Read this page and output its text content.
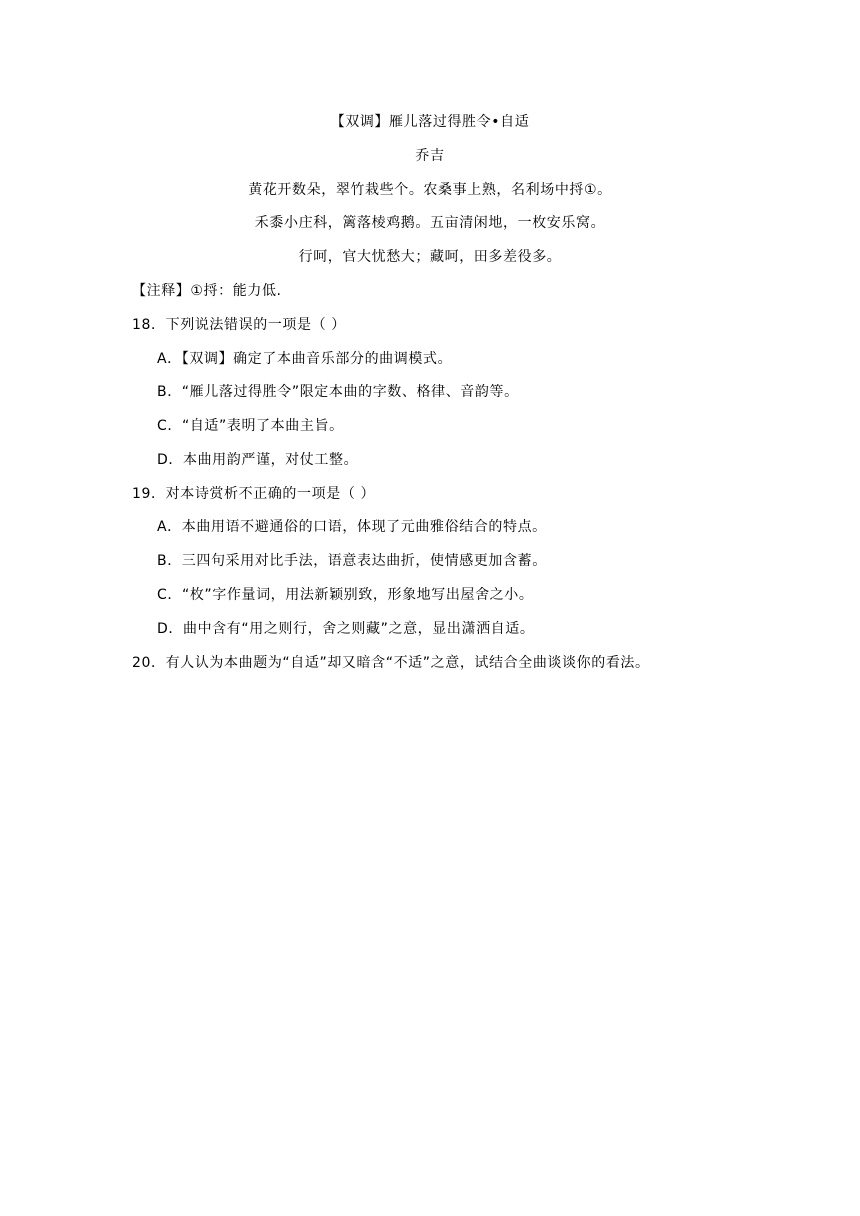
【双调】雁儿落过得胜令•自适
乔吉
黄花开数朵，翠竹栽些个。农桑事上熟，名利场中捋①。
禾黍小庄科，篱落棱鸡鹅。五亩清闲地，一枚安乐窝。
行呵，官大忧愁大；藏呵，田多差役多。
【注释】①捋：能力低.
18．下列说法错误的一项是（ ）
A．【双调】确定了本曲音乐部分的曲调模式。
B．“雁儿落过得胜令”限定本曲的字数、格律、音韵等。
C．“自适”表明了本曲主旨。
D．本曲用韵严谨，对仗工整。
19．对本诗赏析不正确的一项是（ ）
A．本曲用语不避通俗的口语，体现了元曲雅俗结合的特点。
B．三四句采用对比手法，语意表达曲折，使情感更加含蓄。
C．“枚”字作量词，用法新颖别致，形象地写出屋舍之小。
D．曲中含有“用之则行，舍之则藏”之意，显出潇洒自适。
20．有人认为本曲题为“自适”却又暗含“不适”之意，试结合全曲谈谈你的看法。
